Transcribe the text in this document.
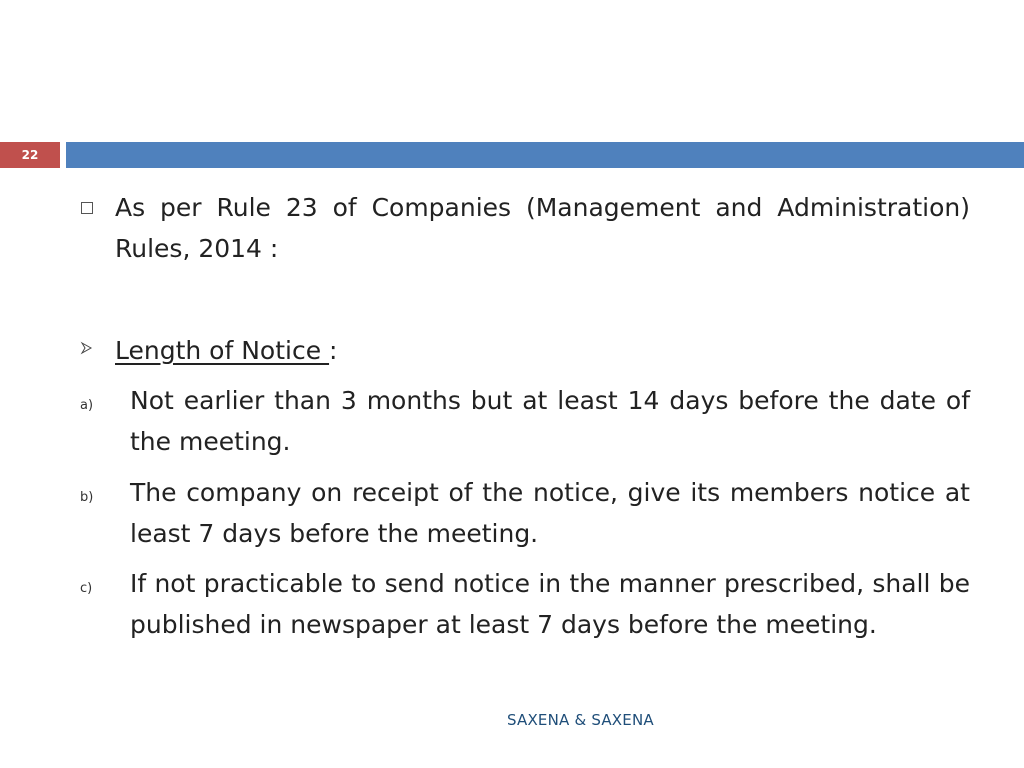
22
As per Rule 23 of Companies (Management and Administration) Rules, 2014 :
Length of Notice :
a) Not earlier than 3 months but at least 14 days before the date of the meeting.
b) The company on receipt of the notice, give its members notice at least 7 days before the meeting.
c) If not practicable to send notice in the manner prescribed, shall be published in newspaper at least 7 days before the meeting.
SAXENA & SAXENA
